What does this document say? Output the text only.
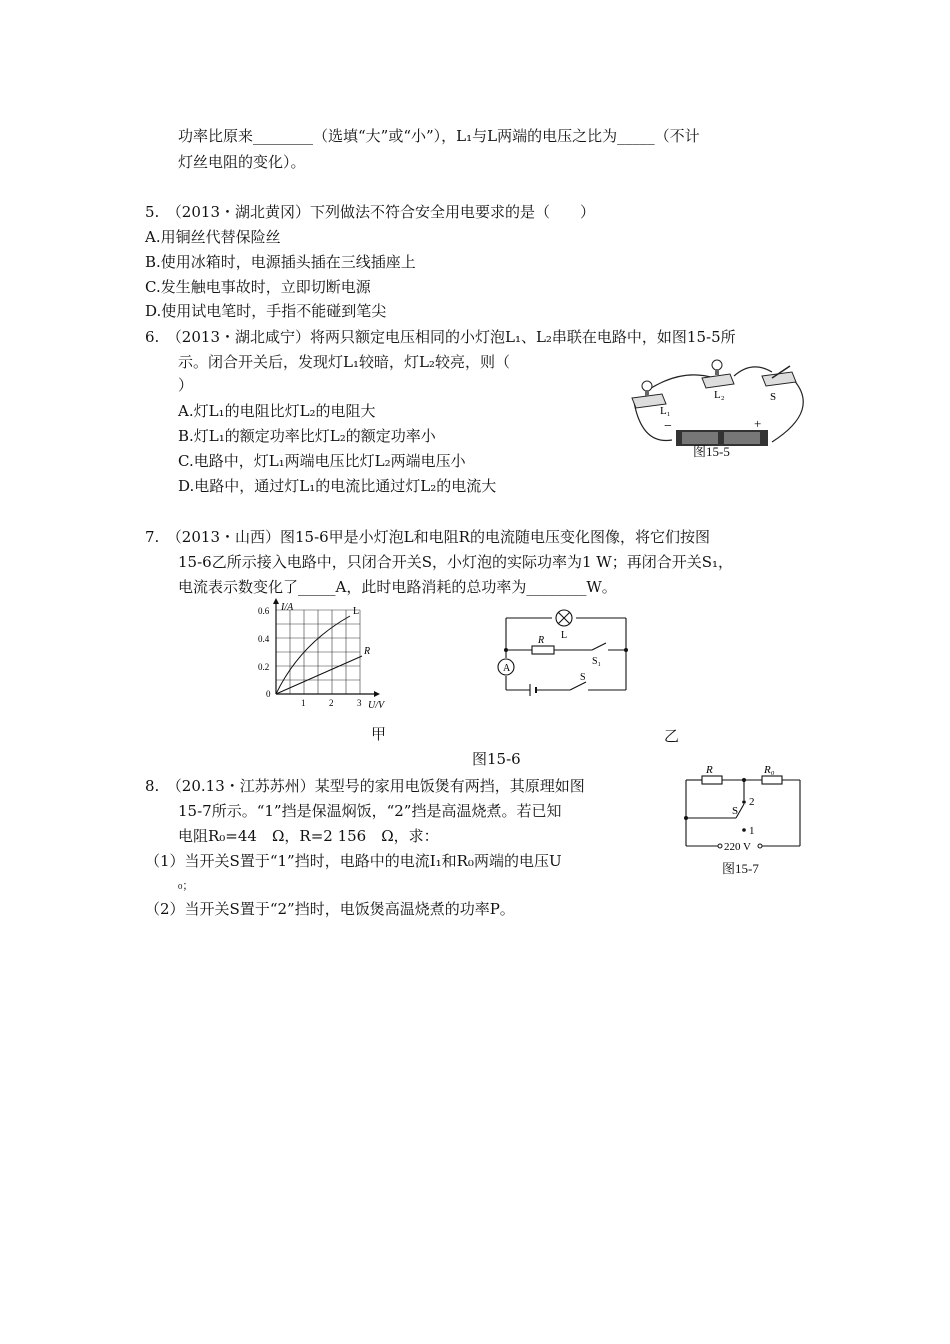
功率比原来________（选填“大”或“小”），L₁与L两端的电压之比为_____（不计
灯丝电阻的变化）。
5.　（2013・湖北黄冈）下列做法不符合安全用电要求的是（　　）
A.用铜丝代替保险丝
B.使用冰箱时，电源插头插在三线插座上
C.发生触电事故时，立即切断电源
D.使用试电笔时，手指不能碰到笔尖
6.　（2013・湖北咸宁）将两只额定电压相同的小灯泡L₁、L₂串联在电路中，如图15-5所
示。闭合开关后，发现灯L₁较暗，灯L₂较亮，则（
）
A.灯L₁的电阻比灯L₂的电阻大
B.灯L₁的额定功率比灯L₂的额定功率小
C.电路中，灯L₁两端电压比灯L₂两端电压小
D.电路中，通过灯L₁的电流比通过灯L₂的电流大
−	+
L₁
L₂	S
图15-5
7.　（2013・山西）图15-6甲是小灯泡L和电阻R的电流随电压变化图像，将它们按图
15-6乙所示接入电路中，只闭合开关S，小灯泡的实际功率为1 W；再闭合开关S₁，
电流表示数变化了_____A，此时电路消耗的总功率为________W。
I/A
U/V
0.6
0.4
0.2
0
1	2	3
L
R
A
L
R
S₁
S
甲	乙
图15-6
8.　（20.13・江苏苏州）某型号的家用电饭煲有两挡，其原理如图
15-7所示。“1”挡是保温焖饭，“2”挡是高温烧煮。若已知
电阻R₀=44　Ω，R=2 156　Ω，求：
（1）当开关S置于“1”挡时，电路中的电流I₁和R₀两端的电压U
₀；
（2）当开关S置于“2”挡时，电饭煲高温烧煮的功率P。
R	R₀
S
2
1
220 V
图15-7
